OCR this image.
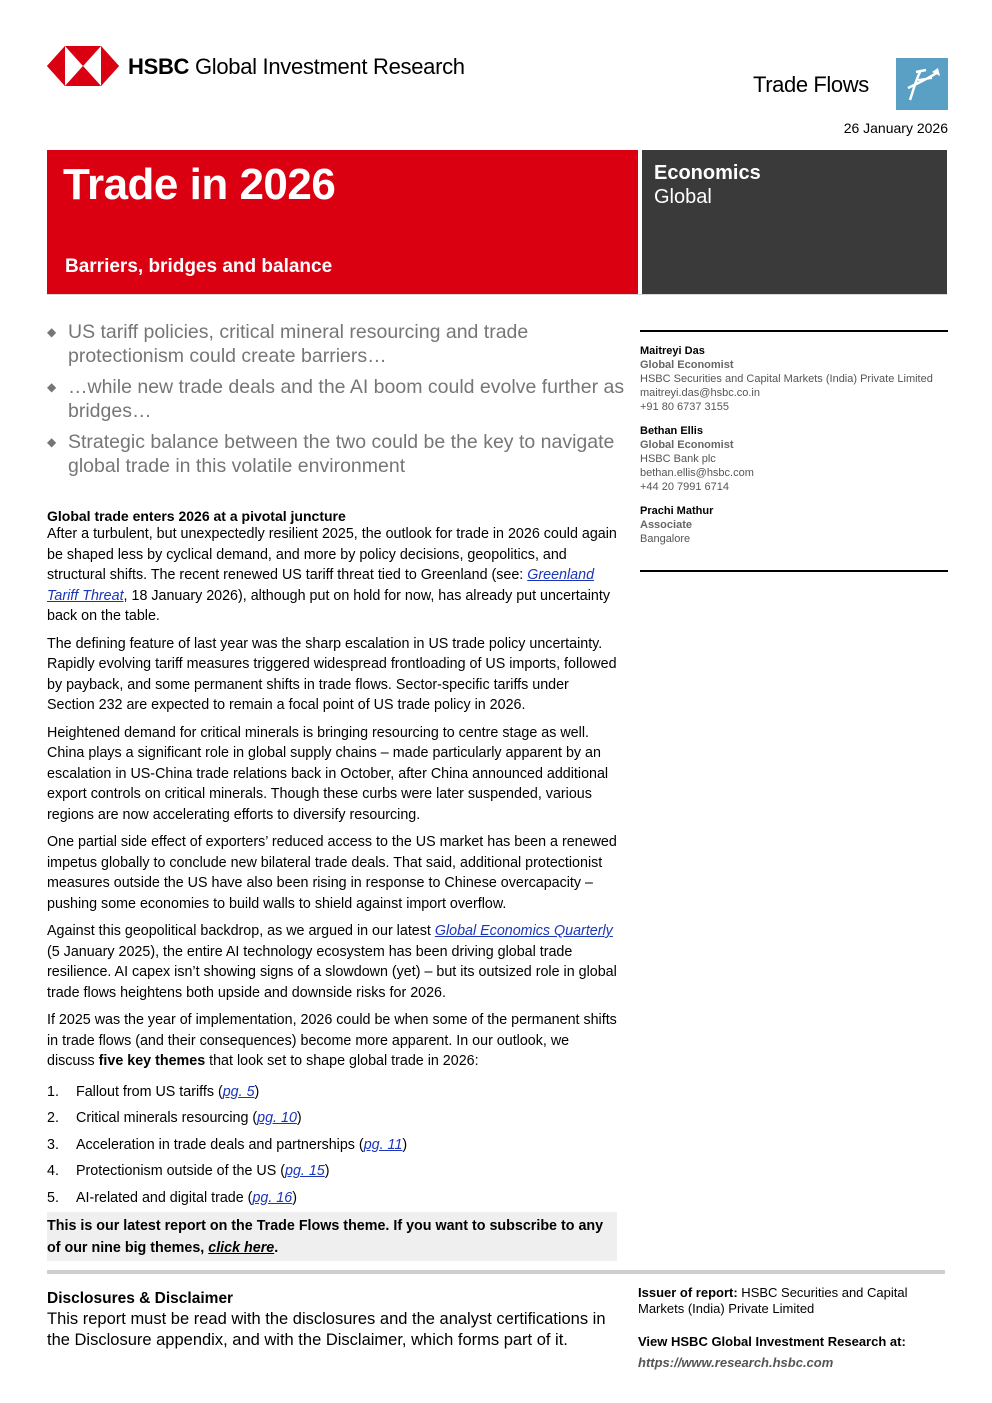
HSBC Global Investment Research
Trade Flows
26 January 2026
Trade in 2026
Barriers, bridges and balance
Economics
Global
◆ US tariff policies, critical mineral resourcing and trade protectionism could create barriers…
◆ …while new trade deals and the AI boom could evolve further as bridges…
◆ Strategic balance between the two could be the key to navigate global trade in this volatile environment
Maitreyi Das
Global Economist
HSBC Securities and Capital Markets (India) Private Limited
maitreyi.das@hsbc.co.in
+91 80 6737 3155
Bethan Ellis
Global Economist
HSBC Bank plc
bethan.ellis@hsbc.com
+44 20 7991 6714
Prachi Mathur
Associate
Bangalore
Global trade enters 2026 at a pivotal juncture

After a turbulent, but unexpectedly resilient 2025, the outlook for trade in 2026 could again be shaped less by cyclical demand, and more by policy decisions, geopolitics, and structural shifts. The recent renewed US tariff threat tied to Greenland (see: Greenland Tariff Threat, 18 January 2026), although put on hold for now, has already put uncertainty back on the table.

The defining feature of last year was the sharp escalation in US trade policy uncertainty. Rapidly evolving tariff measures triggered widespread frontloading of US imports, followed by payback, and some permanent shifts in trade flows. Sector-specific tariffs under Section 232 are expected to remain a focal point of US trade policy in 2026.

Heightened demand for critical minerals is bringing resourcing to centre stage as well. China plays a significant role in global supply chains – made particularly apparent by an escalation in US-China trade relations back in October, after China announced additional export controls on critical minerals. Though these curbs were later suspended, various regions are now accelerating efforts to diversify resourcing.

One partial side effect of exporters’ reduced access to the US market has been a renewed impetus globally to conclude new bilateral trade deals. That said, additional protectionist measures outside the US have also been rising in response to Chinese overcapacity – pushing some economies to build walls to shield against import overflow.

Against this geopolitical backdrop, as we argued in our latest Global Economics Quarterly (5 January 2025), the entire AI technology ecosystem has been driving global trade resilience. AI capex isn’t showing signs of a slowdown (yet) – but its outsized role in global trade flows heightens both upside and downside risks for 2026.

If 2025 was the year of implementation, 2026 could be when some of the permanent shifts in trade flows (and their consequences) become more apparent. In our outlook, we discuss five key themes that look set to shape global trade in 2026:

1.	Fallout from US tariffs (pg. 5)
2.	Critical minerals resourcing (pg. 10)
3.	Acceleration in trade deals and partnerships (pg. 11)
4.	Protectionism outside of the US (pg. 15)
5.	AI-related and digital trade (pg. 16)
This is our latest report on the Trade Flows theme. If you want to subscribe to any of our nine big themes, click here.
Disclosures & Disclaimer

This report must be read with the disclosures and the analyst certifications in the Disclosure appendix, and with the Disclaimer, which forms part of it.

Issuer of report: HSBC Securities and Capital Markets (India) Private Limited
View HSBC Global Investment Research at:
https://www.research.hsbc.com
